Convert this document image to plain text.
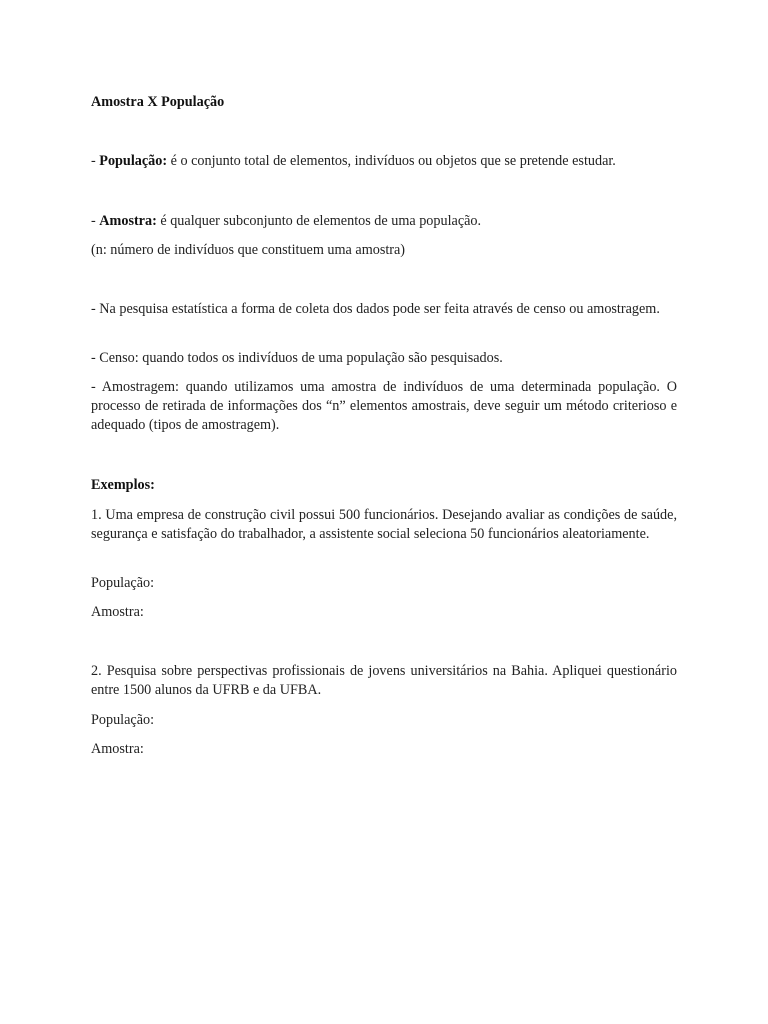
Amostra X População

- População: é o conjunto total de elementos, indivíduos ou objetos que se pretende estudar.

- Amostra: é qualquer subconjunto de elementos de uma população.

(n: número de indivíduos que constituem uma amostra)

- Na pesquisa estatística a forma de coleta dos dados pode ser feita através de censo ou amostragem.

- Censo: quando todos os indivíduos de uma população são pesquisados.

- Amostragem: quando utilizamos uma amostra de indivíduos de uma determinada população. O processo de retirada de informações dos “n” elementos amostrais, deve seguir um método criterioso e adequado (tipos de amostragem).

Exemplos:

1. Uma empresa de construção civil possui 500 funcionários. Desejando avaliar as condições de saúde, segurança e satisfação do trabalhador, a assistente social seleciona 50 funcionários aleatoriamente.

População:

Amostra:

2. Pesquisa sobre perspectivas profissionais de jovens universitários na Bahia. Apliquei questionário entre 1500 alunos da UFRB e da UFBA.

População:

Amostra:
